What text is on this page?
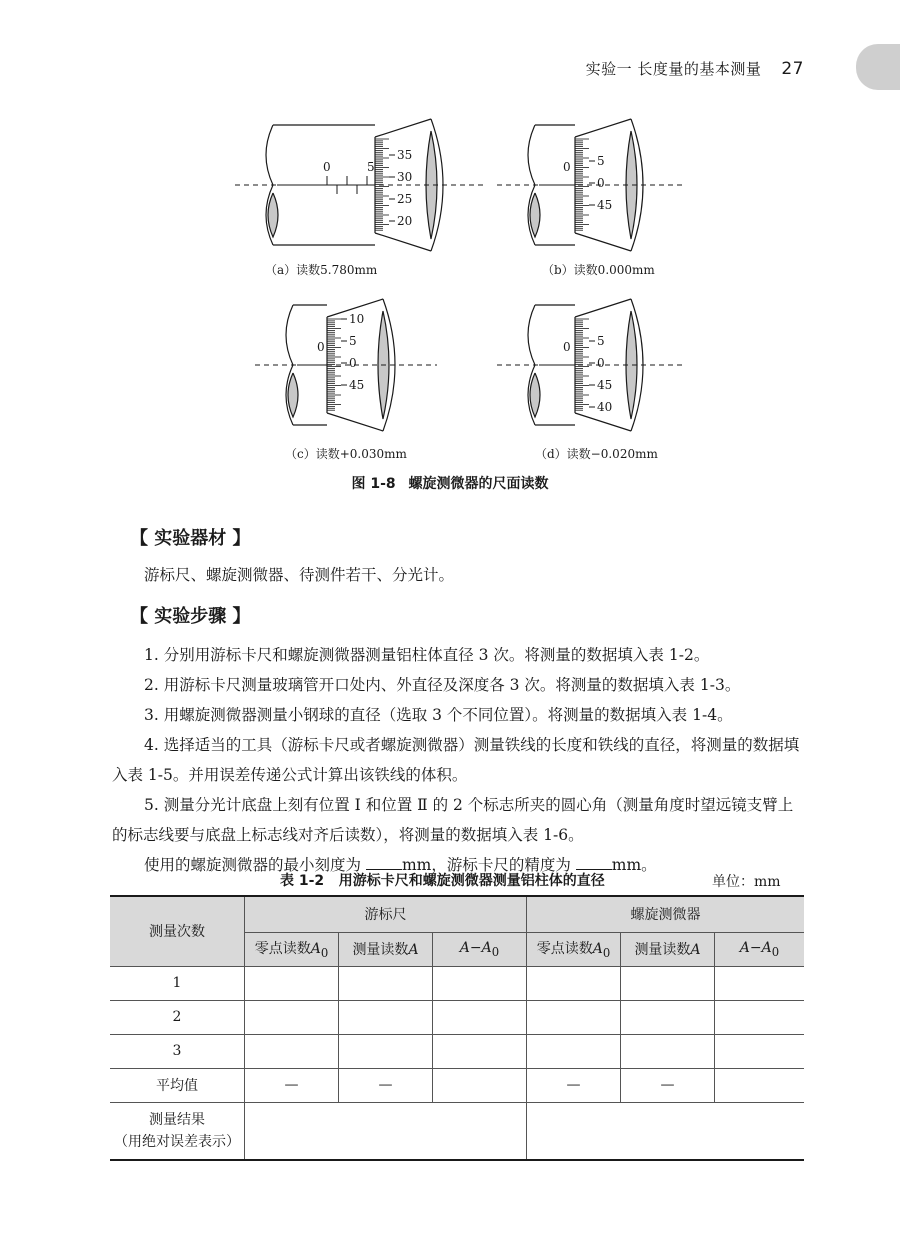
实验一 长度量的基本测量 27
0	5
35
30
25
20
0 5
0
45
0
10
5
0
45
0 5
0
45
40
（a）读数5.780mm	（b）读数0.000mm
（c）读数+0.030mm	（d）读数−0.020mm
图 1-8 螺旋测微器的尺面读数
【 实验器材 】

游标尺、螺旋测微器、待测件若干、分光计。

【 实验步骤 】

1. 分别用游标卡尺和螺旋测微器测量铝柱体直径 3 次。将测量的数据填入表 1-2。

2. 用游标卡尺测量玻璃管开口处内、外直径及深度各 3 次。将测量的数据填入表 1-3。

3. 用螺旋测微器测量小钢球的直径（选取 3 个不同位置）。将测量的数据填入表 1-4。

4. 选择适当的工具（游标卡尺或者螺旋测微器）测量铁线的长度和铁线的直径，将测量的数据填入表 1-5。并用误差传递公式计算出该铁线的体积。

5. 测量分光计底盘上刻有位置 Ⅰ 和位置 Ⅱ 的 2 个标志所夹的圆心角（测量角度时望远镜支臂上的标志线要与底盘上标志线对齐后读数），将测量的数据填入表 1-6。

使用的螺旋测微器的最小刻度为 mm，游标卡尺的精度为 mm。

表 1-2 用游标卡尺和螺旋测微器测量铝柱体的直径	单位：mm
测量次数	游标尺			螺旋测微器		
	零点读数$A_0$	测量读数A	$A-A_0$	零点读数$A_0$	测量读数A	$A-A_0$
1						
2						
3						
平均值	—	—		—	—	
测量结果
（用绝对误差表示）						
